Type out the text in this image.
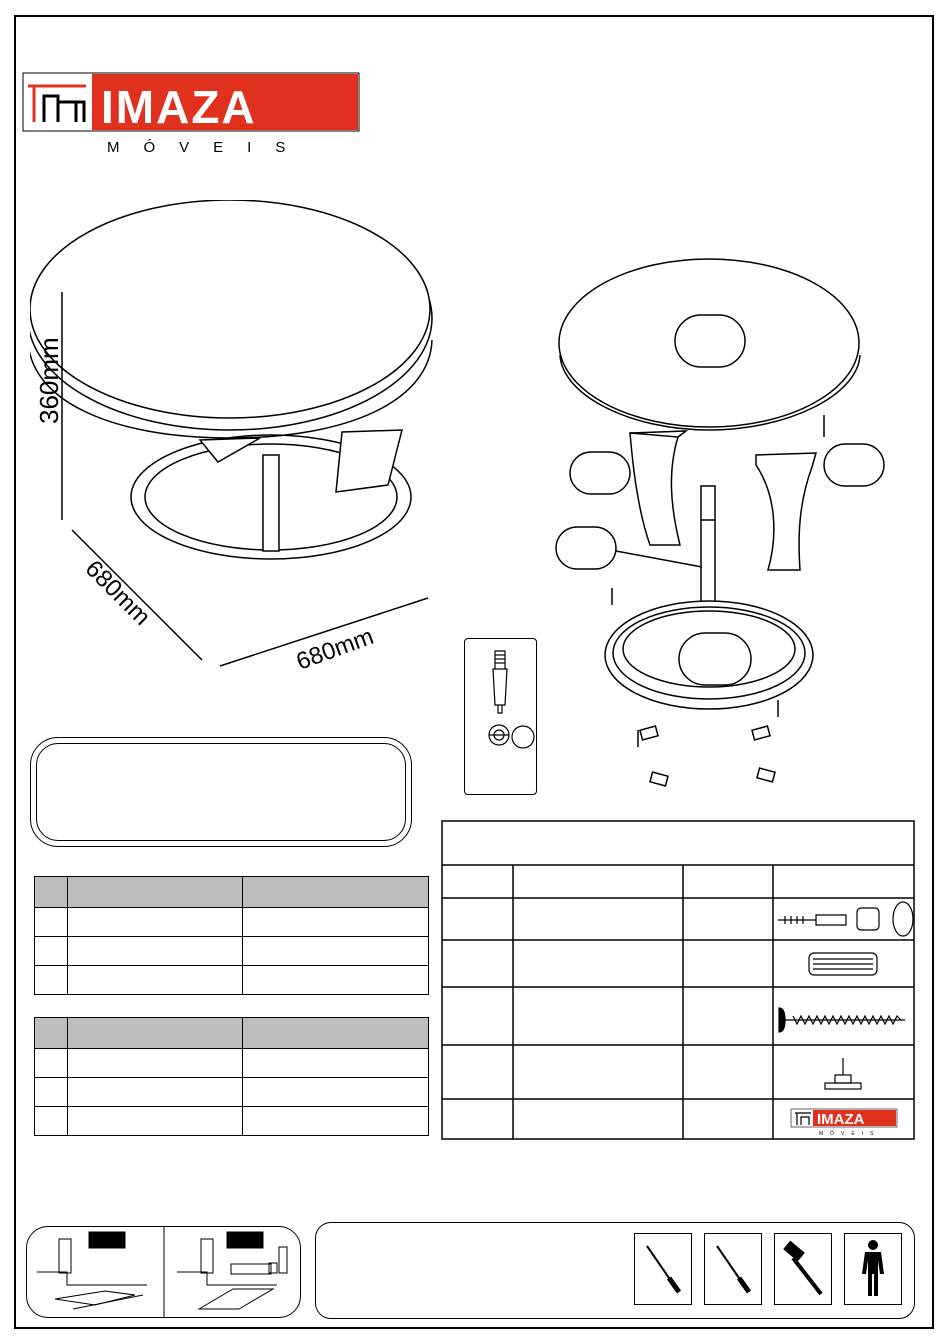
IMAZA
MÓVEIS
360mm
680mm
680mm

IMAZA
MÓVEIS
